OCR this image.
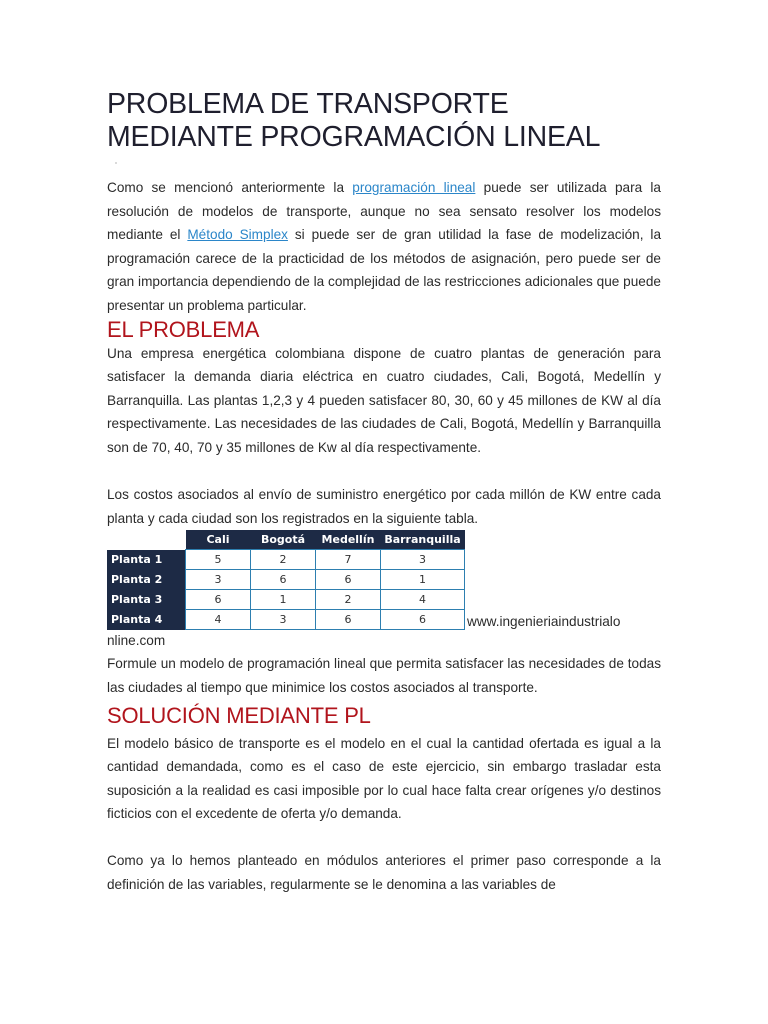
PROBLEMA DE TRANSPORTE
MEDIANTE PROGRAMACIÓN LINEAL

Como se mencionó anteriormente la programación lineal puede ser utilizada para la resolución de modelos de transporte, aunque no sea sensato resolver los modelos mediante el Método Simplex si puede ser de gran utilidad la fase de modelización, la programación carece de la practicidad de los métodos de asignación, pero puede ser de gran importancia dependiendo de la complejidad de las restricciones adicionales que puede presentar un problema particular.

EL PROBLEMA

Una empresa energética colombiana dispone de cuatro plantas de generación para satisfacer la demanda diaria eléctrica en cuatro ciudades, Cali, Bogotá, Medellín y Barranquilla. Las plantas 1,2,3 y 4 pueden satisfacer 80, 30, 60 y 45 millones de KW al día respectivamente. Las necesidades de las ciudades de Cali, Bogotá, Medellín y Barranquilla son de 70, 40, 70 y 35 millones de Kw al día respectivamente.

Los costos asociados al envío de suministro energético por cada millón de KW entre cada planta y cada ciudad son los registrados en la siguiente tabla.

	Cali	Bogotá	Medellín	Barranquilla
Planta 1	5	2	7	3
Planta 2	3	6	6	1
Planta 3	6	1	2	4
Planta 4	4	3	6	6	www.ingenieriaindustrialo
nline.com

Formule un modelo de programación lineal que permita satisfacer las necesidades de todas las ciudades al tiempo que minimice los costos asociados al transporte.

SOLUCIÓN MEDIANTE PL

El modelo básico de transporte es el modelo en el cual la cantidad ofertada es igual a la cantidad demandada, como es el caso de este ejercicio, sin embargo trasladar esta suposición a la realidad es casi imposible por lo cual hace falta crear orígenes y/o destinos ficticios con el excedente de oferta y/o demanda.

Como ya lo hemos planteado en módulos anteriores el primer paso corresponde a la definición de las variables, regularmente se le denomina a las variables de
